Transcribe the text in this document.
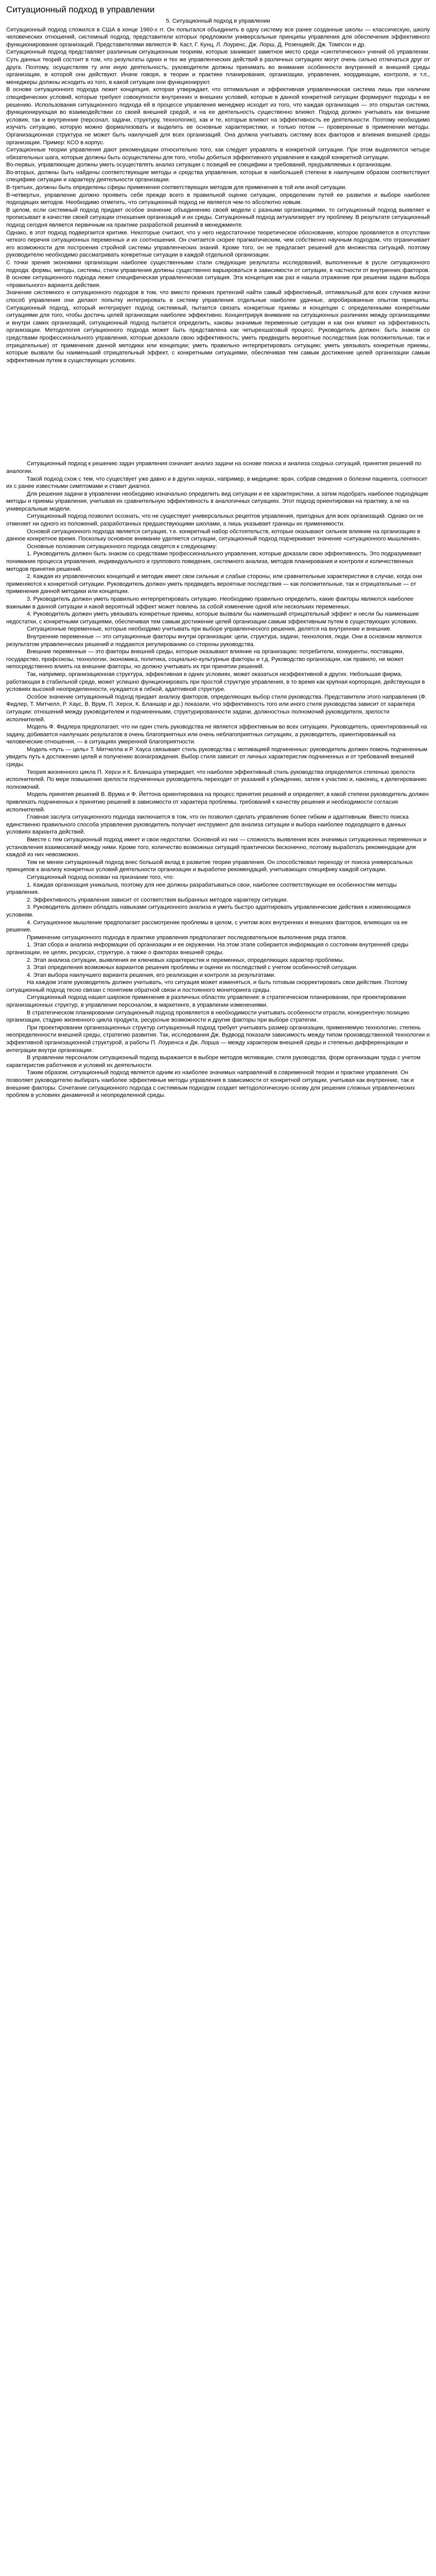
Ситуационный подход в управлении
5. Ситуационный подход в управлении

Ситуационный подход сложился в США в конце 1960-х гг. Он попытался объединить в одну систему все ранее созданные школы — классическую, школу человеческих отношений, системный подход, представители которых предложили универсальные принципы управления для обеспечения эффективного функционирования организаций. Представителями являются Ф. Каст, Г. Кунц, Л. Лоуренс, Дж. Лорш, Д. Розенцвейг, Дж. Томпсон и др.

Ситуационный подход представляет различным ситуационным теориям, которые занимают заметное место среди «синтетических» учений об управлении. Суть данных теорий состоит в том, что результаты одних и тех же управленческих действий в различных ситуациях могут очень сильно отличаться друг от друга. Поэтому, осуществляя ту или иную деятельность, руководители должны принимать во внимание особенности внутренней и внешней среды организации, в которой они действуют. Иначе говоря, в теории и практике планирования, организации, управления, координации, контроля, и т.п., менеджеры должны исходить из того, в какой ситуации они функционируют.

В основе ситуационного подхода лежит концепция, которая утверждает, что оптимальная и эффективная управленческая система лишь при наличии специфических условий, которые требуют совокупности внутренних и внешних условий, которые в данной конкретной ситуации формируют подходы к ее решению. Использования ситуационного подхода ей в процессе управления менеджер исходит из того, что каждая организация — это открытая система, функционирующая во взаимодействии со своей внешней средой, и на ее деятельность существенно влияют. Подход должен учитывать как внешние условия, так и внутренние (персонал, задачи, структуру, технологию), как и те, которые влияют на эффективность ее деятельности. Поэтому необходимо изучать ситуацию, которую можно формализовать и выделить ее основные характеристики, и только потом — проверенные в применении методы. Организационная структура не может быть наилучшей для всех организаций. Она должна учитывать систему всех факторов и влияния внешней среды организации. Пример: КСО в корпус.

Ситуационные теории управления дают рекомендации относительно того, как следует управлять в конкретной ситуации. При этом выделяются четыре обязательных шага, которые должны быть осуществлены для того, чтобы добиться эффективного управления в каждой конкретной ситуации.

Во-первых, управляющие должны уметь осуществлять анализ ситуации с позиций ее специфики и требований, предъявляемых к организации.

Во-вторых, должны быть найдены соответствующие методы и средства управления, которые в наибольшей степени в наилучшем образом соответствуют специфике ситуации и характеру деятельности организации.

В-третьих, должны быть определены сферы применения соответствующих методов для применения в той или иной ситуации.

В-четвертых, управление должно проявить себя прежде всего в правильной оценке ситуации, определении путей ее развития и выборе наиболее подходящих методов. Необходимо отметить, что ситуационный подход не является чем-то абсолютно новым.

В целом, если системный подход придает особое значение объединению своей модели с разными организациями, то ситуационный подход выявляет и прописывает в качестве своей ситуации отношения организаций и их среды. Ситуационный подход актуализирует эту проблему. В результате ситуационный подход сегодня является первичным на практике разработкой решений в менеджменте.

Однако, в этот подход подвергается критике. Некоторые считают, что у него недостаточное теоретическое обоснование, которое проявляется в отсутствии четкого перечня ситуационных переменных и их соотношения. Он считается скорее прагматическим, чем собственно научным подходом, что ограничивает его возможности для построения стройной системы управленческих знаний. Кроме того, он не предлагает решений для множества ситуаций, поэтому руководителю необходимо рассматривать конкретные ситуации в каждой отдельной организации.

С точки зрения экономики организации наиболее существенными стали следующие результаты исследований, выполненные в русле ситуационного подхода: формы, методы, системы, стили управления должны существенно варьироваться в зависимости от ситуации, в частности от внутренних факторов. В основе ситуационного подхода лежит специфическая управленческая ситуация. Эта концепция как раз и нашла отражение при решении задачи выбора «правильного» варианта действия.

Значение системного и ситуационного подходов в том, что вместо прежних претензий найти самый эффективный, оптимальный для всех случаев жизни способ управления они делают попытку интегрировать в систему управления отдельные наиболее удачные, апробированные опытом принципы. Ситуационный подход, который интегрирует подход системный, пытается связать конкретные приемы и концепции с определенными конкретными ситуациями для того, чтобы достичь целей организации наиболее эффективно. Концентрируя внимание на ситуационных различиях между организациями и внутри самих организаций, ситуационный подход пытается определить, каковы значимые переменные ситуации и как они влияют на эффективность организации. Методология ситуационного подхода может быть представлена как четырехшаговый процесс. Руководитель должен: быть знаком со средствами профессионального управления, которые доказали свою эффективность; уметь предвидеть вероятные последствия (как положительные, так и отрицательные) от применения данной методики или концепции; уметь правильно интерпретировать ситуацию; уметь увязывать конкретные приемы, которые вызвали бы наименьший отрицательный эффект, с конкретными ситуациями, обеспечивая тем самым достижение целей организации самым эффективным путем в существующих условиях.

Ситуационный подход к решению задач управления означает анализ задачи на основе поиска и анализа сходных ситуаций, принятия решений по аналогии.

Такой подход схож с тем, что существует уже давно и в других науках, например, в медицине: врач, собрав сведения о болезни пациента, соотносит их с ранее известными симптомами и ставит диагноз.

Для решения задачи в управлении необходимо изначально определить вид ситуации и ее характеристики, а затем подобрать наиболее подходящие методы и приемы управления, учитывая их сравнительную эффективность в аналогичных ситуациях. Этот подход ориентирован на практику, а не на универсальные модели.

Ситуационный подход позволил осознать, что не существует универсальных рецептов управления, пригодных для всех организаций. Однако он не отменяет ни одного из положений, разработанных предшествующими школами, а лишь указывает границы их применимости.

Основой ситуационного подхода является ситуация, т.е. конкретный набор обстоятельств, которые оказывают сильное влияние на организацию в данное конкретное время. Поскольку основное внимание уделяется ситуации, ситуационный подход подчеркивает значение «ситуационного мышления».

Основные положения ситуационного подхода сводятся к следующему:

1. Руководитель должен быть знаком со средствами профессионального управления, которые доказали свою эффективность. Это подразумевает понимание процесса управления, индивидуального и группового поведения, системного анализа, методов планирования и контроля и количественных методов принятия решений.

2. Каждая из управленческих концепций и методик имеет свои сильные и слабые стороны, или сравнительные характеристики в случае, когда они применяются к конкретной ситуации. Руководитель должен уметь предвидеть вероятные последствия — как положительные, так и отрицательные — от применения данной методики или концепции.

3. Руководитель должен уметь правильно интерпретировать ситуацию. Необходимо правильно определить, какие факторы являются наиболее важными в данной ситуации и какой вероятный эффект может повлечь за собой изменение одной или нескольких переменных.

4. Руководитель должен уметь увязывать конкретные приемы, которые вызвали бы наименьший отрицательный эффект и несли бы наименьшие недостатки, с конкретными ситуациями, обеспечивая тем самым достижение целей организации самым эффективным путем в существующих условиях.

Ситуационные переменные, которые необходимо учитывать при выборе управленческого решения, делятся на внутренние и внешние.

Внутренние переменные — это ситуационные факторы внутри организации: цели, структура, задачи, технология, люди. Они в основном являются результатом управленческих решений и поддаются регулированию со стороны руководства.

Внешние переменные — это факторы внешней среды, которые оказывают влияние на организацию: потребители, конкуренты, поставщики, государство, профсоюзы, технологии, экономика, политика, социально-культурные факторы и т.д. Руководство организации, как правило, не может непосредственно влиять на внешние факторы, но должно учитывать их при принятии решений.

Так, например, организационная структура, эффективная в одних условиях, может оказаться неэффективной в других. Небольшая фирма, работающая в стабильной среде, может успешно функционировать при простой структуре управления, в то время как крупная корпорация, действующая в условиях высокой неопределенности, нуждается в гибкой, адаптивной структуре.

Особое значение ситуационный подход придает анализу факторов, определяющих выбор стиля руководства. Представители этого направления (Ф. Фидлер, Т. Митчелл, Р. Хаус, В. Врум, П. Херси, К. Бланшар и др.) показали, что эффективность того или иного стиля руководства зависит от характера ситуации: отношений между руководителем и подчиненными, структурированности задачи, должностных полномочий руководителя, зрелости исполнителей.

Модель Ф. Фидлера предполагает, что ни один стиль руководства не является эффективным во всех ситуациях. Руководитель, ориентированный на задачу, добивается наилучших результатов в очень благоприятных или очень неблагоприятных ситуациях, а руководитель, ориентированный на человеческие отношения, — в ситуациях умеренной благоприятности.

Модель «путь — цель» Т. Митчелла и Р. Хауса связывает стиль руководства с мотивацией подчиненных: руководитель должен помочь подчиненным увидеть путь к достижению целей и получению вознаграждения. Выбор стиля зависит от личных характеристик подчиненных и от требований внешней среды.

Теория жизненного цикла П. Херси и К. Бланшара утверждает, что наиболее эффективный стиль руководства определяется степенью зрелости исполнителей. По мере повышения зрелости подчиненных руководитель переходит от указаний к убеждению, затем к участию и, наконец, к делегированию полномочий.

Модель принятия решений В. Врума и Ф. Йеттона ориентирована на процесс принятия решений и определяет, в какой степени руководитель должен привлекать подчиненных к принятию решений в зависимости от характера проблемы, требований к качеству решения и необходимости согласия исполнителей.

Главная заслуга ситуационного подхода заключается в том, что он позволил сделать управление более гибким и адаптивным. Вместо поиска единственно правильного способа управления руководитель получает инструмент для анализа ситуации и выбора наиболее подходящего в данных условиях варианта действий.

Вместе с тем ситуационный подход имеет и свои недостатки. Основной из них — сложность выявления всех значимых ситуационных переменных и установления взаимосвязей между ними. Кроме того, количество возможных ситуаций практически бесконечно, поэтому выработать рекомендации для каждой из них невозможно.

Тем не менее ситуационный подход внес большой вклад в развитие теории управления. Он способствовал переходу от поиска универсальных принципов к анализу конкретных условий деятельности организации и выработке рекомендаций, учитывающих специфику каждой ситуации.

Ситуационный подход основан на признании того, что:

1. Каждая организация уникальна, поэтому для нее должны разрабатываться свои, наиболее соответствующие ее особенностям методы управления.

2. Эффективность управления зависит от соответствия выбранных методов характеру ситуации.

3. Руководитель должен обладать навыками ситуационного анализа и уметь быстро адаптировать управленческие действия к изменяющимся условиям.

4. Ситуационное мышление предполагает рассмотрение проблемы в целом, с учетом всех внутренних и внешних факторов, влияющих на ее решение.

Применение ситуационного подхода в практике управления предполагает последовательное выполнение ряда этапов.

1. Этап сбора и анализа информации об организации и ее окружении. На этом этапе собирается информация о состоянии внутренней среды организации, ее целях, ресурсах, структуре, а также о факторах внешней среды.

2. Этап анализа ситуации, выявления ее ключевых характеристик и переменных, определяющих характер проблемы.

3. Этап определения возможных вариантов решения проблемы и оценки их последствий с учетом особенностей ситуации.

4. Этап выбора наилучшего варианта решения, его реализации и контроля за результатами.

На каждом этапе руководитель должен учитывать, что ситуация может изменяться, и быть готовым скорректировать свои действия. Поэтому ситуационный подход тесно связан с понятием обратной связи и постоянного мониторинга среды.

Ситуационный подход нашел широкое применение в различных областях управления: в стратегическом планировании, при проектировании организационных структур, в управлении персоналом, в маркетинге, в управлении изменениями.

В стратегическом планировании ситуационный подход проявляется в необходимости учитывать особенности отрасли, конкурентную позицию организации, стадию жизненного цикла продукта, ресурсные возможности и другие факторы при выборе стратегии.

При проектировании организационных структур ситуационный подход требует учитывать размер организации, применяемую технологию, степень неопределенности внешней среды, стратегию развития. Так, исследования Дж. Вудворд показали зависимость между типом производственной технологии и эффективной организационной структурой, а работы П. Лоуренса и Дж. Лорша — между характером внешней среды и степенью дифференциации и интеграции внутри организации.

В управлении персоналом ситуационный подход выражается в выборе методов мотивации, стиля руководства, форм организации труда с учетом характеристик работников и условий их деятельности.

Таким образом, ситуационный подход является одним из наиболее значимых направлений в современной теории и практике управления. Он позволяет руководителю выбирать наиболее эффективные методы управления в зависимости от конкретной ситуации, учитывая как внутренние, так и внешние факторы. Сочетание ситуационного подхода с системным подходом создает методологическую основу для решения сложных управленческих проблем в условиях динамичной и неопределенной среды.
